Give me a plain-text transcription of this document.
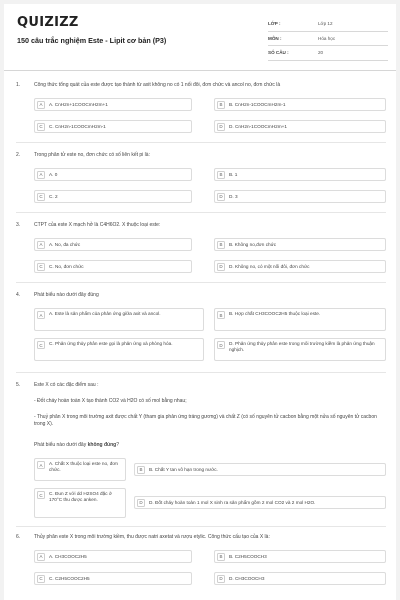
QUIZIZZ
150 câu trắc nghiệm Este - Lipit cơ bản (P3)
LỚP :	Lớp 12
MÔN :	Hóa học
SỐ CÂU :	20
1.	Công thức tổng quát của este được tạo thành từ axit không no có 1 nối đôi, đơn chức và ancol no, đơn chức là
A	A. CnH2n+1COOCmH2m+1	B	B. CnH2n-1COOCmH2m-1
C	C. CnH2n-1COOCmH2m-1	D	D. CnH2n-1COOCmH2m+1
2.	Trong phân tử este no, đơn chức có số liên kết pi là:
A	A. 0	B	B. 1
C	C. 2	D	D. 3
3.	CTPT của este X mạch hở là C4H6O2. X thuộc loại este:
A	A. No, đa chức	B	B. Không no,đơn chức
C	C. No, đơn chức	D	D. Không no, có một nối đôi, đơn chức
4.	Phát biểu nào dưới đây đúng
A	A. Este là sản phẩm của phản ứng giữa axit và ancol.	B	B. Hợp chất CH3COOC2H5 thuộc loại este.
C	C. Phản ứng thủy phân este gọi là phản ứng xà phòng hóa.	D	D. Phản ứng thủy phân este trong môi trường kiềm là phản ứng thuận nghịch.
5.	Este X có các đặc điểm sau :
- Đốt cháy hoàn toàn X tạo thành CO2 và H2O có số mol bằng nhau;
- Thuỷ phân X trong môi trường axit được chất Y (tham gia phản ứng tráng gương) và chất Z (có số nguyên tử cacbon bằng một nửa số nguyên tử cacbon trong X).
Phát biểu nào dưới đây không đúng?
A	A. Chất X thuộc loại este no, đơn chức.	B	B. Chất Y tan vô hạn trong nước.
C	C. Đun Z với dd H2SO4 đặc ở 170°C thu được anken.
D	D. Đốt cháy hoàn toàn 1 mol X sinh ra sản phẩm gồm 2 mol CO2 và 2 mol H2O.
6.	Thủy phân este X trong môi trường kiềm, thu được natri axetat và rượu etylic. Công thức cấu tạo của X là:
A	A. CH3COOC2H5	B	B. C2H5COOCH3
C	C. C2H5COOC2H5	D	D. CH3COOCH3
